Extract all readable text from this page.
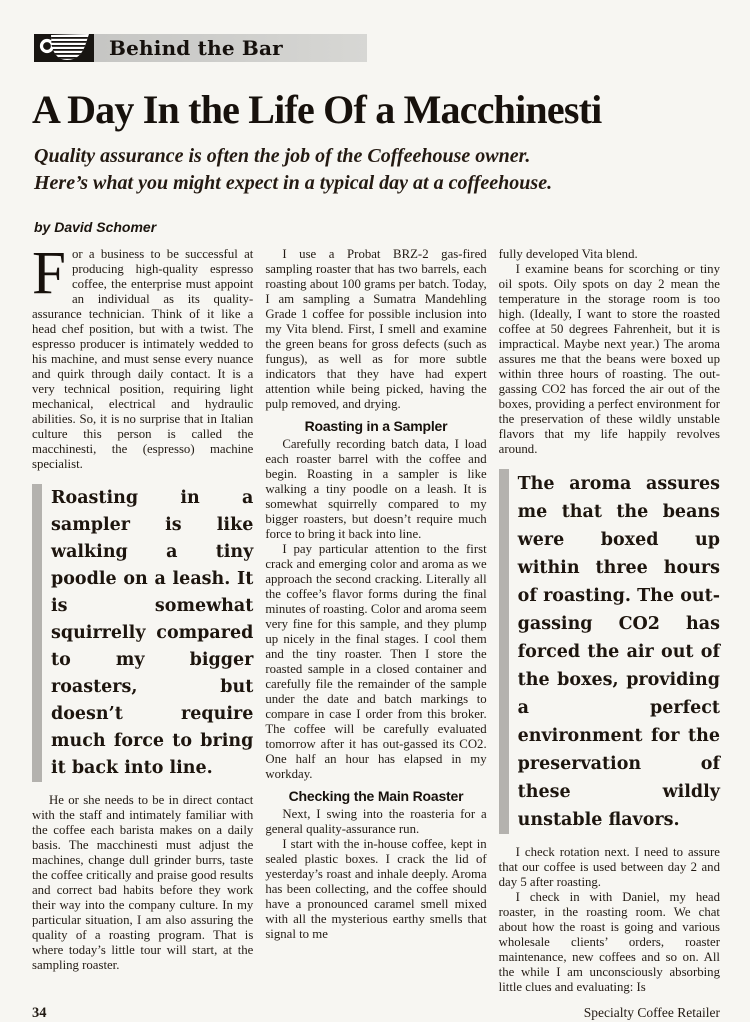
Behind the Bar
A Day In the Life Of a Macchinesti
Quality assurance is often the job of the Coffeehouse owner.
Here’s what you might expect in a typical day at a coffeehouse.
by David Schomer

For a business to be successful at producing high-quality espresso coffee, the enterprise must appoint an individual as its quality-assurance technician. Think of it like a head chef position, but with a twist. The espresso producer is intimately wedded to his machine, and must sense every nuance and quirk through daily contact. It is a very technical position, requiring light mechanical, electrical and hydraulic abilities. So, it is no surprise that in Italian culture this person is called the macchinesti, the (espresso) machine specialist.

Roasting in a sampler is like walking a tiny poodle on a leash. It is somewhat squirrelly compared to my bigger roasters, but doesn’t require much force to bring it back into line.

He or she needs to be in direct contact with the staff and intimately familiar with the coffee each barista makes on a daily basis. The macchinesti must adjust the machines, change dull grinder burrs, taste the coffee critically and praise good results and correct bad habits before they work their way into the company culture. In my particular situation, I am also assuring the quality of a roasting program. That is where today’s little tour will start, at the sampling roaster.

I use a Probat BRZ-2 gas-fired sampling roaster that has two barrels, each roasting about 100 grams per batch. Today, I am sampling a Sumatra Mandehling Grade 1 coffee for possible inclusion into my Vita blend. First, I smell and examine the green beans for gross defects (such as fungus), as well as for more subtle indicators that they have had expert attention while being picked, having the pulp removed, and drying.

Roasting in a Sampler

Carefully recording batch data, I load each roaster barrel with the coffee and begin. Roasting in a sampler is like walking a tiny poodle on a leash. It is somewhat squirrelly compared to my bigger roasters, but doesn’t require much force to bring it back into line.

I pay particular attention to the first crack and emerging color and aroma as we approach the second cracking. Literally all the coffee’s flavor forms during the final minutes of roasting. Color and aroma seem very fine for this sample, and they plump up nicely in the final stages. I cool them and the tiny roaster. Then I store the roasted sample in a closed container and carefully file the remainder of the sample under the date and batch markings to compare in case I order from this broker. The coffee will be carefully evaluated tomorrow after it has out-gassed its CO2. One half an hour has elapsed in my workday.

Checking the Main Roaster

Next, I swing into the roasteria for a general quality-assurance run.

I start with the in-house coffee, kept in sealed plastic boxes. I crack the lid of yesterday’s roast and inhale deeply. Aroma has been collecting, and the coffee should have a pronounced caramel smell mixed with all the mysterious earthy smells that signal to me

fully developed Vita blend.

I examine beans for scorching or tiny oil spots. Oily spots on day 2 mean the temperature in the storage room is too high. (Ideally, I want to store the roasted coffee at 50 degrees Fahrenheit, but it is impractical. Maybe next year.) The aroma assures me that the beans were boxed up within three hours of roasting. The out-gassing CO2 has forced the air out of the boxes, providing a perfect environment for the preservation of these wildly unstable flavors that my life happily revolves around.

The aroma assures me that the beans were boxed up within three hours of roasting. The out-gassing CO2 has forced the air out of the boxes, providing a perfect environment for the preservation of these wildly unstable flavors.

I check rotation next. I need to assure that our coffee is used between day 2 and day 5 after roasting.

I check in with Daniel, my head roaster, in the roasting room. We chat about how the roast is going and various wholesale clients’ orders, roaster maintenance, new coffees and so on. All the while I am unconsciously absorbing little clues and evaluating: Is

34	Specialty Coffee Retailer
